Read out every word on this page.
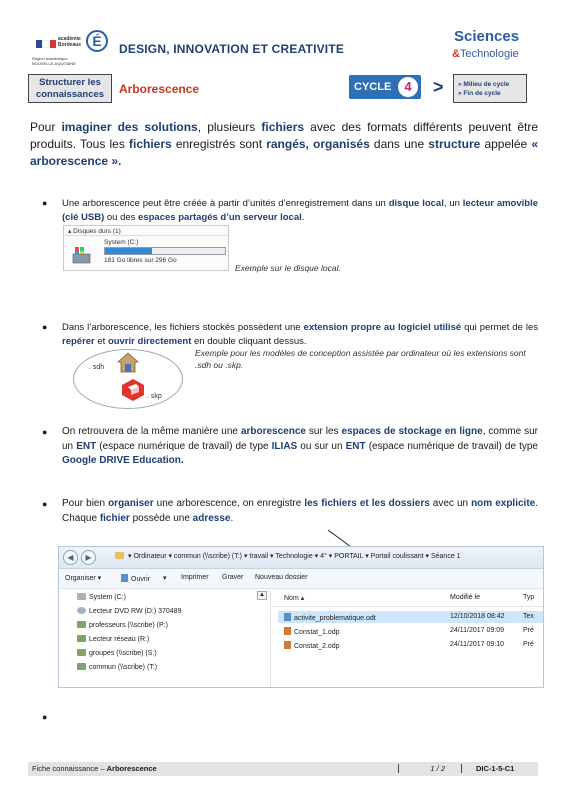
académie
Bordeaux É
Région académique
NOUVELLE-AQUITAINE
DESIGN, INNOVATION ET CREATIVITE
Sciences
&Technologie
Structurer les
connaissances	Arborescence	CYCLE	4	> » Milieu de cycle
» Fin de cycle

Pour imaginer des solutions, plusieurs fichiers avec des formats différents peuvent être produits. Tous les fichiers enregistrés sont rangés, organisés dans une structure appelée « arborescence ».

● Une arborescence peut être créée à partir d’unités d’enregistrement dans un disque local, un lecteur amovible (clé USB) ou des espaces partagés d’un serveur local.
▴ Disques durs (1)
System (C:)
181 Go libres sur 296 Go
Exemple sur le disque local.
● Dans l’arborescence, les fichiers stockés possèdent une extension propre au logiciel utilisé qui permet de les repérer et ouvrir directement en double cliquant dessus.
. sdh
. skp
Exemple pour les modèles de conception assistée par ordinateur où les extensions sont .sdh ou .skp.
● On retrouvera de la même manière une arborescence sur les espaces de stockage en ligne, comme sur un ENT (espace numérique de travail) de type ILIAS ou sur un ENT (espace numérique de travail) de type Google DRIVE Education.
● Pour bien organiser une arborescence, on enregistre les fichiers et les dossiers avec un nom explicite. Chaque fichier possède une adresse.
◀	▶	▾ Ordinateur ▾ commun (\\scribe) (T:) ▾ travail ▾ Technologie ▾ 4° ▾ PORTAIL ▾ Portail coulissant ▾ Séance 1
Organiser ▾	Ouvrir ▾ Imprimer Graver Nouveau dossier
System (C:)
Lecteur DVD RW (D:) 370489
professeurs (\\scribe) (P:)
Lecteur réseau (R:)
groupes (\\scribe) (S:)
commun (\\scribe) (T:)
▲	Nom ▴	Modifié le	Typ
activite_problematique.odt	12/10/2018 08:42	Tex
Constat_1.odp	24/11/2017 09:09	Pré
Constat_2.odp	24/11/2017 09:10	Pré
●
Fiche connaissance – Arborescence	1 / 2	DIC-1-5-C1
